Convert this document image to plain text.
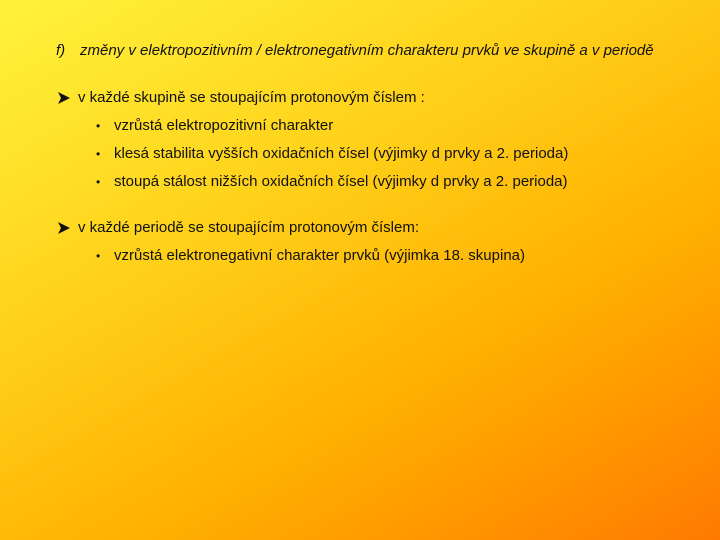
f) změny v elektropozitivním / elektronegativním charakteru prvků ve skupině a v periodě
v každé skupině se stoupajícím protonovým číslem :
• vzrůstá elektropozitivní charakter
• klesá stabilita vyšších oxidačních čísel (výjimky d prvky a 2. perioda)
• stoupá stálost nižších oxidačních čísel (výjimky d prvky a 2. perioda)
v každé periodě se stoupajícím protonovým číslem:
• vzrůstá elektronegativní charakter prvků (výjimka 18. skupina)
